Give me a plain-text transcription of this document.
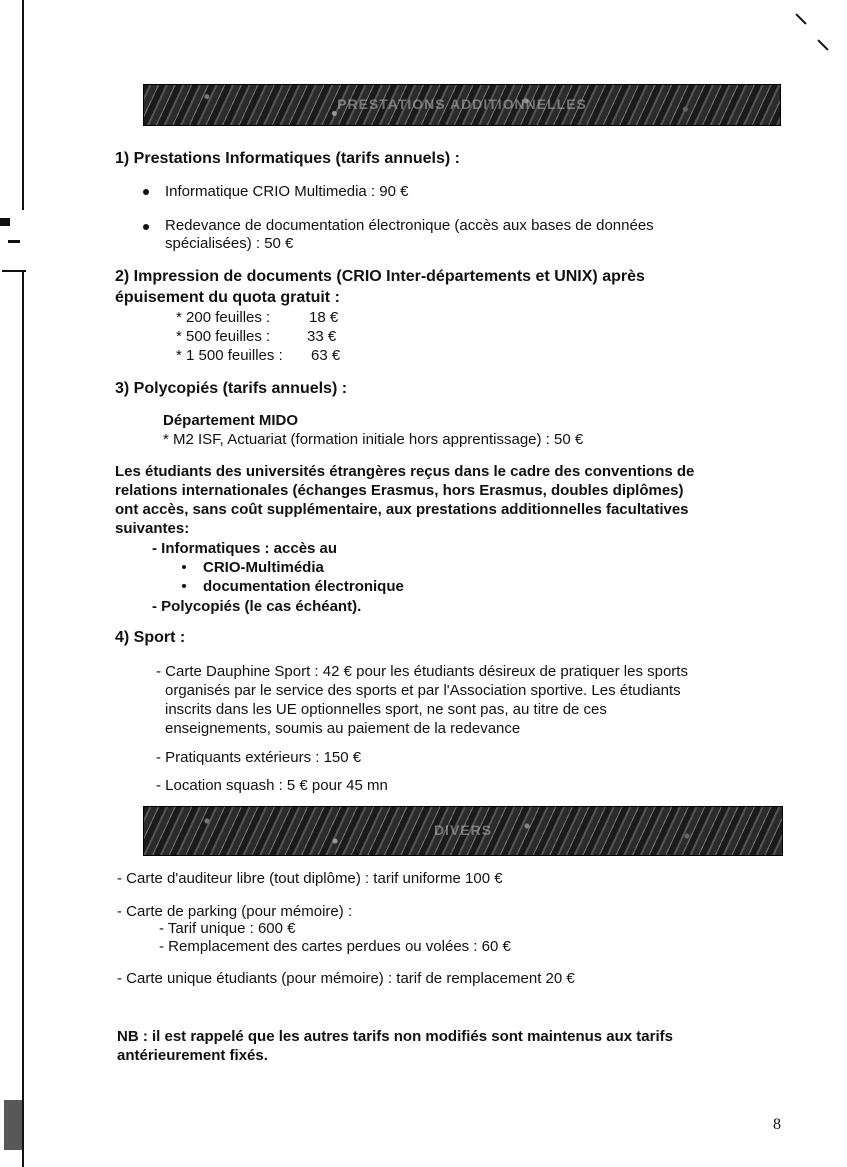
PRESTATIONS ADDITIONNELLES
1) Prestations Informatiques (tarifs annuels) :

Informatique CRIO Multimedia : 90 €

Redevance de documentation électronique (accès aux bases de données

spécialisées) : 50 €

2) Impression de documents (CRIO Inter-départements et UNIX) après
épuisement du quota gratuit :

* 200 feuilles :	18 €

* 500 feuilles : 33 €

* 1 500 feuilles : 63 €

3) Polycopiés (tarifs annuels) :

Département MIDO

* M2 ISF, Actuariat (formation initiale hors apprentissage) : 50 €

Les étudiants des universités étrangères reçus dans le cadre des conventions de

relations internationales (échanges Erasmus, hors Erasmus, doubles diplômes)

ont accès, sans coût supplémentaire, aux prestations additionnelles facultatives

suivantes:

- Informatiques : accès au

CRIO-Multimédia

documentation électronique

- Polycopiés (le cas échéant).

4) Sport :

- Carte Dauphine Sport : 42 € pour les étudiants désireux de pratiquer les sports

organisés par le service des sports et par l'Association sportive. Les étudiants

inscrits dans les UE optionnelles sport, ne sont pas, au titre de ces

enseignements, soumis au paiement de la redevance

- Pratiquants extérieurs : 150 €

- Location squash : 5 € pour 45 mn

DIVERS

- Carte d'auditeur libre (tout diplôme) : tarif uniforme 100 €

- Carte de parking (pour mémoire) :

- Tarif unique : 600 €

- Remplacement des cartes perdues ou volées : 60 €

- Carte unique étudiants (pour mémoire) : tarif de remplacement 20 €

NB : il est rappelé que les autres tarifs non modifiés sont maintenus aux tarifs

antérieurement fixés.

8
